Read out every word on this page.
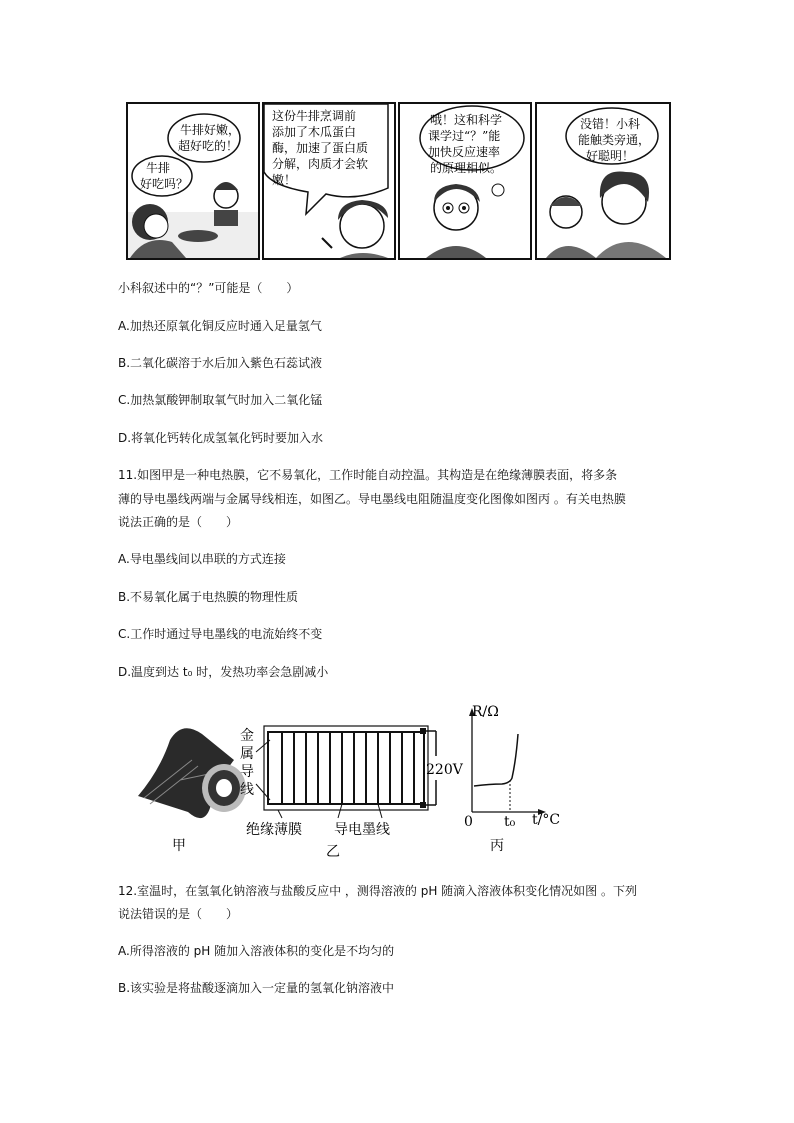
牛排好嫩，
超好吃的！
牛排
好吃吗？
这份牛排烹调前
添加了木瓜蛋白
酶，加速了蛋白质
分解，肉质才会软
嫩！
哦！这和科学
课学过“？”能
加快反应速率
的原理相似。
没错！小科
能触类旁通，
好聪明！
小科叙述中的“？”可能是（　　）
A.加热还原氧化铜反应时通入足量氢气
B.二氧化碳溶于水后加入紫色石蕊试液
C.加热氯酸钾制取氧气时加入二氧化锰
D.将氧化钙转化成氢氧化钙时要加入水
11.如图甲是一种电热膜，它不易氧化，工作时能自动控温。其构造是在绝缘薄膜表面，将多条
薄的导电墨线两端与金属导线相连，如图乙。导电墨线电阻随温度变化图像如图丙 。有关电热膜
说法正确的是（　　）
A.导电墨线间以串联的方式连接
B.不易氧化属于电热膜的物理性质
C.工作时通过导电墨线的电流始终不变
D.温度到达 t₀ 时，发热功率会急剧减小
甲
220V
金
属
导
线
绝缘薄膜 导电墨线
乙
R/Ω
t/°C
0 t₀
丙
12.室温时，在氢氧化钠溶液与盐酸反应中 ，测得溶液的 pH 随滴入溶液体积变化情况如图 。下列
说法错误的是（　　）
A.所得溶液的 pH 随加入溶液体积的变化是不均匀的
B.该实验是将盐酸逐滴加入一定量的氢氧化钠溶液中
